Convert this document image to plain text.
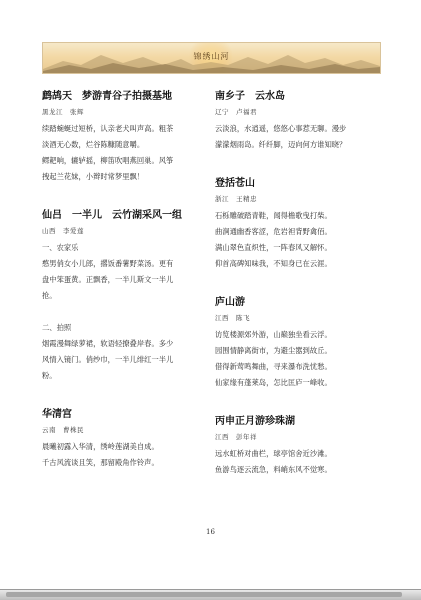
锦绣山河

鹧鸪天　梦游青谷子拍摄基地

黑龙江　张辉

续踏蜿蜒过短桥，认亲老犬叫声高。粗茶

淡酒无心数，烂谷陈糠随意嚼。

鳏耙响，辘轳摇，柳笛吹唱燕回巢。风筝

拽起兰花妹，小辫时常梦里飘！

仙吕　一半儿　云竹湖采风一组

山西　李爱莲

一、农家乐

憨男俏女小儿郎，撂饭番薯野菜汤。更有

盘中笨蛋黄。正飘香，一半儿斯文一半儿

抢。

二、拍照

烟霞漫舞绿萝裙，软语轻撩叠岸春。多少

风情入镜门。俏纱巾，一半儿绯红一半儿

粉。

华清宫

云南　曹株民

晨曦初露入华清，绣岭莲湖美自成。

千古风流谈且笑，那留殿角作铃声。

南乡子　云水岛

辽宁　卢福君

云淡浪，水逍遥，悠悠心事惹无聊。漫步

濛濛烟雨岛。纤纤脚，迈向何方谁知晓？

登括苍山

浙江　王精忠

石栎雕破踏青鞋，闻得檐歌曳打柴。

曲涧通幽香客涩，危岩袒背野禽佰。

满山翠色直炽性，一阵春风又解怀。

仰首高碑知味我，不知身已在云涯。

庐山游

江西　陈飞

访览楼源郊外游，山巅独坐看云浮。

园围情静离街市，为避尘嚣到故丘。

借得新莺鸣舞曲，寻来瀑布洗忧愁。

仙家缘有蓬莱岛，怎比匡庐一峰收。

丙申正月游珍珠湖

江西　彭年祥

远水虹桥对曲栏，球亭馆舍近沙滩。

鱼游鸟逐云流急，料峭东风不觉寒。

16
